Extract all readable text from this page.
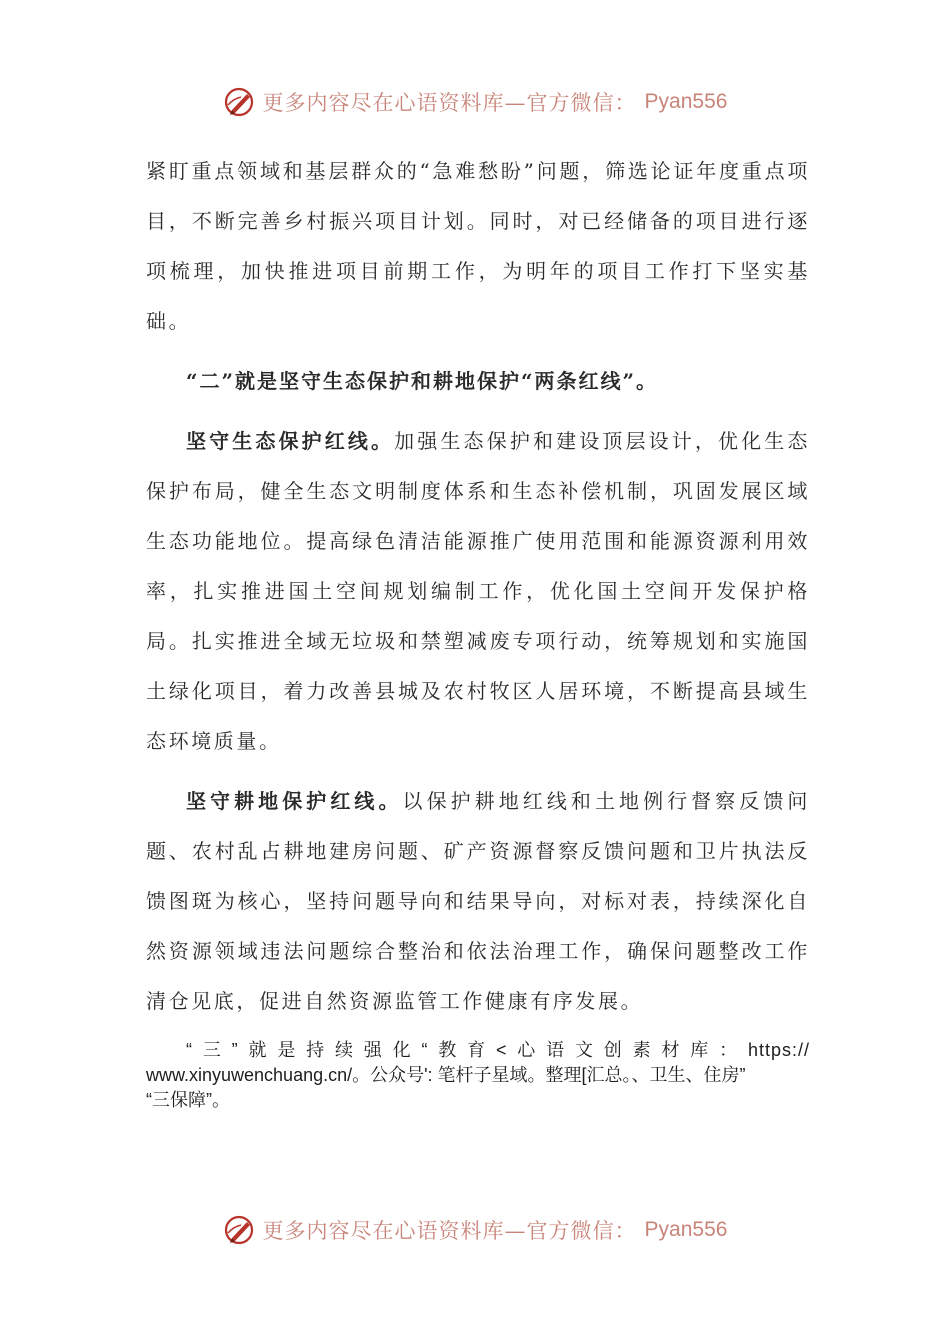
更多内容尽在心语资料库—官方微信： Pyan556

紧盯重点领域和基层群众的“急难愁盼”问题，筛选论证年度重点项目，不断完善乡村振兴项目计划。同时，对已经储备的项目进行逐项梳理，加快推进项目前期工作，为明年的项目工作打下坚实基础。

“二”就是坚守生态保护和耕地保护“两条红线”。

坚守生态保护红线。加强生态保护和建设顶层设计，优化生态保护布局，健全生态文明制度体系和生态补偿机制，巩固发展区域生态功能地位。提高绿色清洁能源推广使用范围和能源资源利用效率，扎实推进国土空间规划编制工作，优化国土空间开发保护格局。扎实推进全域无垃圾和禁塑减废专项行动，统筹规划和实施国土绿化项目，着力改善县城及农村牧区人居环境，不断提高县域生态环境质量。

坚守耕地保护红线。以保护耕地红线和土地例行督察反馈问题、农村乱占耕地建房问题、矿产资源督察反馈问题和卫片执法反馈图斑为核心，坚持问题导向和结果导向，对标对表，持续深化自然资源领域违法问题综合整治和依法治理工作，确保问题整改工作清仓见底，促进自然资源监管工作健康有序发展。

“三”就是持续强化“教育<心语文创素材库：https://
www.xinyuwenchuang.cn/。公众号': 笔杆子星域。整理[汇总。、卫生、住房”
“三保障”。
更多内容尽在心语资料库—官方微信： Pyan556
